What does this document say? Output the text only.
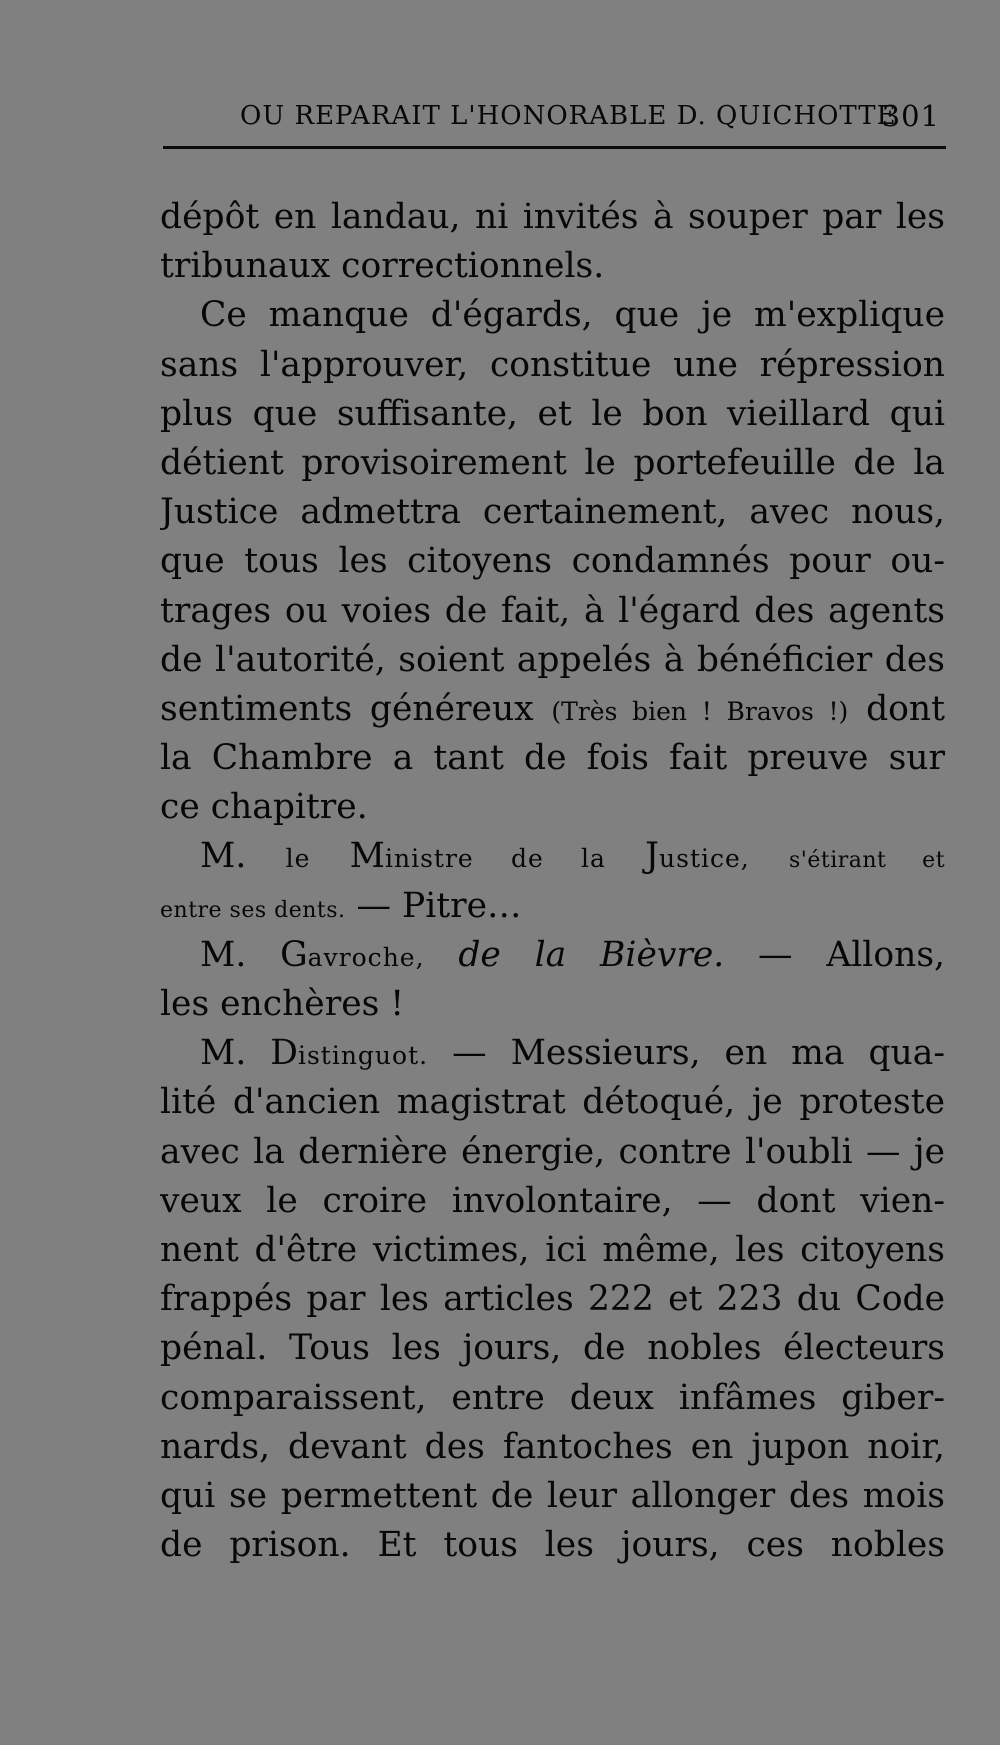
OU REPARAIT L'HONORABLE D. QUICHOTTE
301
dépôt en landau, ni invités à souper par les
tribunaux correctionnels.
Ce manque d'égards, que je m'explique
sans l'approuver, constitue une répression
plus que suffisante, et le bon vieillard qui
détient provisoirement le portefeuille de la
Justice admettra certainement, avec nous,
que tous les citoyens condamnés pour ou-
trages ou voies de fait, à l'égard des agents
de l'autorité, soient appelés à bénéficier des
sentiments généreux (Très bien ! Bravos !) dont
la Chambre a tant de fois fait preuve sur
ce chapitre.
M. le Ministre de la Justice, s'étirant et
entre ses dents. — Pitre…
M. Gavroche, de la Bièvre. — Allons,
les enchères !
M. Distinguot. — Messieurs, en ma qua-
lité d'ancien magistrat détoqué, je proteste
avec la dernière énergie, contre l'oubli — je
veux le croire involontaire, — dont vien-
nent d'être victimes, ici même, les citoyens
frappés par les articles 222 et 223 du Code
pénal. Tous les jours, de nobles électeurs
comparaissent, entre deux infâmes giber-
nards, devant des fantoches en jupon noir,
qui se permettent de leur allonger des mois
de prison. Et tous les jours, ces nobles
